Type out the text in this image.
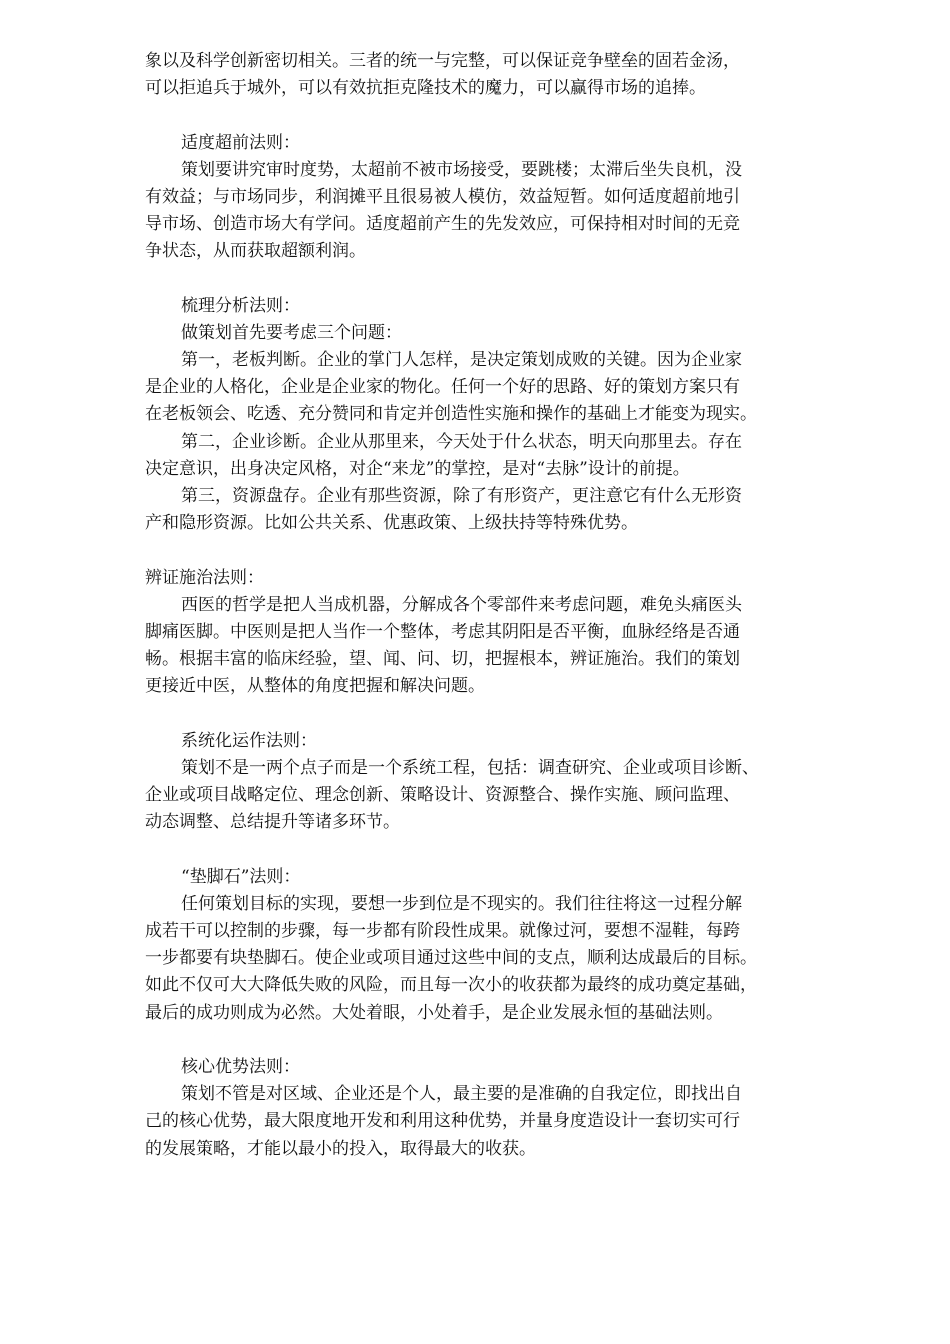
象以及科学创新密切相关。三者的统一与完整，可以保证竞争壁垒的固若金汤，

可以拒追兵于城外，可以有效抗拒克隆技术的魔力，可以赢得市场的追捧。

适度超前法则：

策划要讲究审时度势，太超前不被市场接受，要跳楼；太滞后坐失良机，没

有效益；与市场同步，利润摊平且很易被人模仿，效益短暂。如何适度超前地引

导市场、创造市场大有学问。适度超前产生的先发效应，可保持相对时间的无竞

争状态，从而获取超额利润。

梳理分析法则：

做策划首先要考虑三个问题：

第一，老板判断。企业的掌门人怎样，是决定策划成败的关键。因为企业家

是企业的人格化，企业是企业家的物化。任何一个好的思路、好的策划方案只有

在老板领会、吃透、充分赞同和肯定并创造性实施和操作的基础上才能变为现实。

第二，企业诊断。企业从那里来，今天处于什么状态，明天向那里去。存在

决定意识，出身决定风格，对企“来龙”的掌控，是对“去脉”设计的前提。

第三，资源盘存。企业有那些资源，除了有形资产，更注意它有什么无形资

产和隐形资源。比如公共关系、优惠政策、上级扶持等特殊优势。

辨证施治法则：

西医的哲学是把人当成机器，分解成各个零部件来考虑问题，难免头痛医头

脚痛医脚。中医则是把人当作一个整体，考虑其阴阳是否平衡，血脉经络是否通

畅。根据丰富的临床经验，望、闻、问、切，把握根本，辨证施治。我们的策划

更接近中医，从整体的角度把握和解决问题。

系统化运作法则：

策划不是一两个点子而是一个系统工程，包括：调查研究、企业或项目诊断、

企业或项目战略定位、理念创新、策略设计、资源整合、操作实施、顾问监理、

动态调整、总结提升等诸多环节。

“垫脚石”法则：

任何策划目标的实现，要想一步到位是不现实的。我们往往将这一过程分解

成若干可以控制的步骤，每一步都有阶段性成果。就像过河，要想不湿鞋，每跨

一步都要有块垫脚石。使企业或项目通过这些中间的支点，顺利达成最后的目标。

如此不仅可大大降低失败的风险，而且每一次小的收获都为最终的成功奠定基础，

最后的成功则成为必然。大处着眼，小处着手，是企业发展永恒的基础法则。

核心优势法则：

策划不管是对区域、企业还是个人，最主要的是准确的自我定位，即找出自

己的核心优势，最大限度地开发和利用这种优势，并量身度造设计一套切实可行

的发展策略，才能以最小的投入，取得最大的收获。
